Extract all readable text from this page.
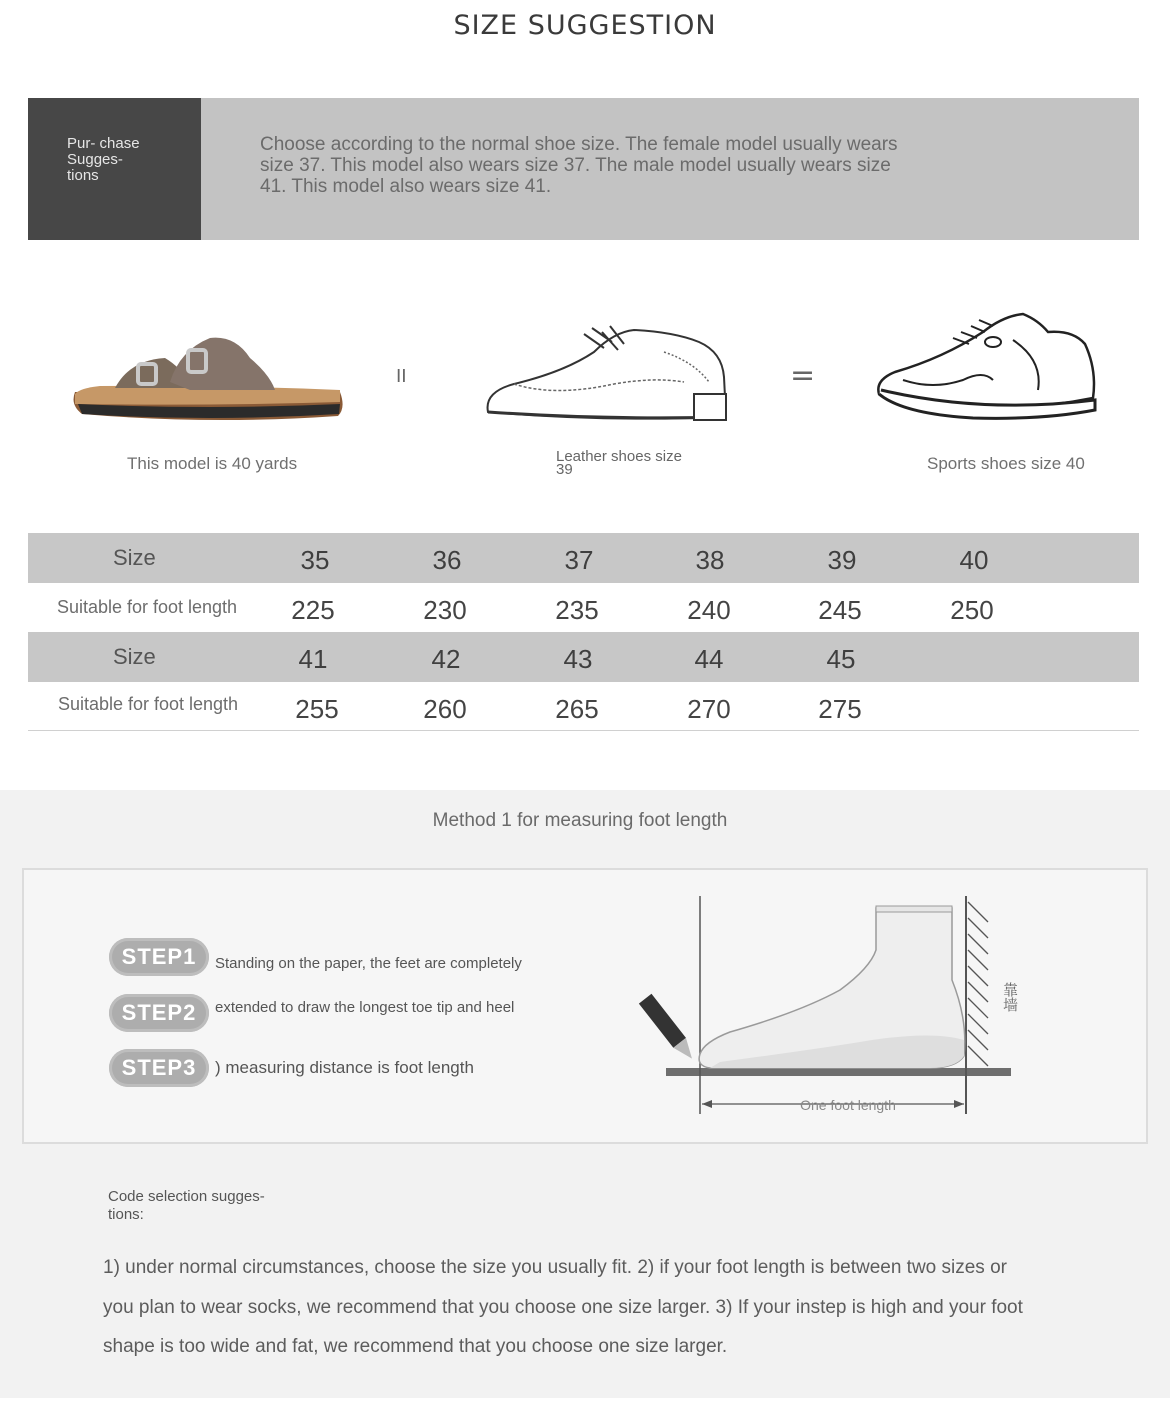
SIZE SUGGESTION
Pur- chase Sugges- tions
Choose according to the normal shoe size. The female model usually wears size 37. This model also wears size 37. The male model usually wears size 41. This model also wears size 41.
II	=
This model is 40 yards	Leather shoes size 39	Sports shoes size 40
Size	35	36	37	38	39	40
Suitable for foot length	225	230	235	240	245	250
Size	41	42	43	44	45
Suitable for foot length	255	260	265	270	275
Method 1 for measuring foot length
STEP1	Standing on the paper, the feet are completely
STEP2	extended to draw the longest toe tip and heel
STEP3	) measuring distance is foot length
One foot length
靠墙
Code selection sugges- tions:
1) under normal circumstances, choose the size you usually fit. 2) if your foot length is between two sizes or you plan to wear socks, we recommend that you choose one size larger. 3) If your instep is high and your foot shape is too wide and fat, we recommend that you choose one size larger.
